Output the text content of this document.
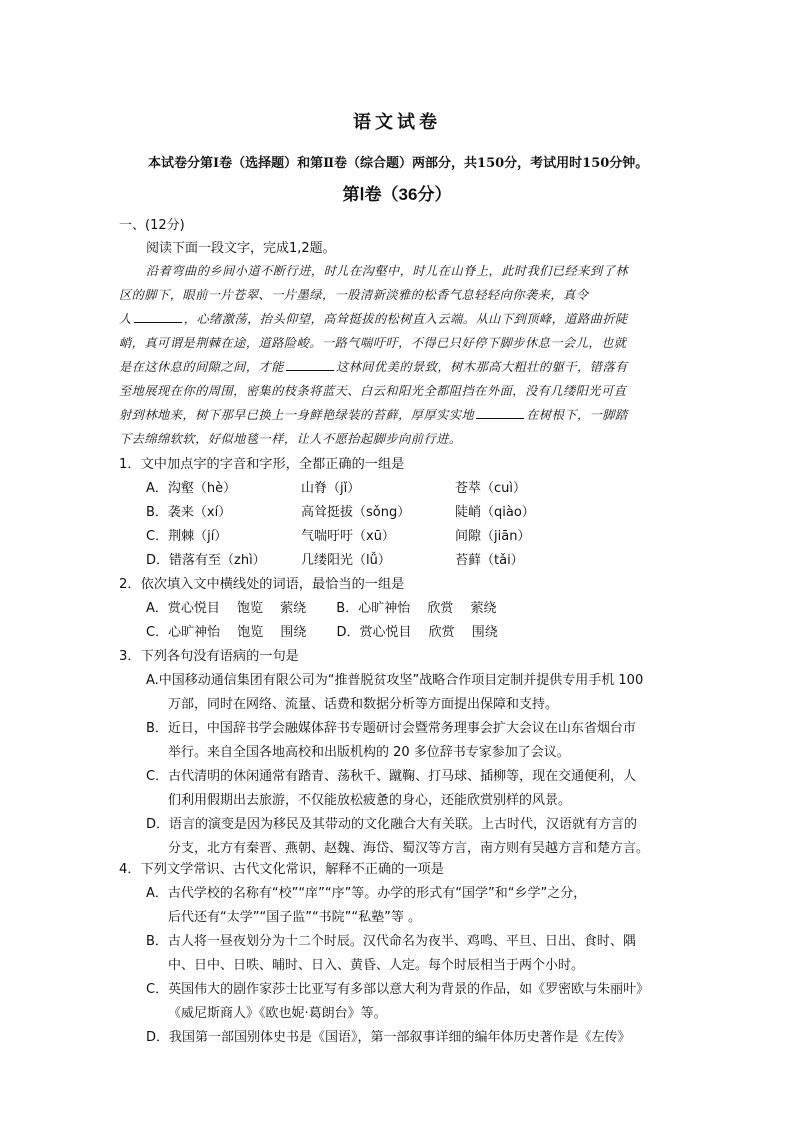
语文试卷
本试卷分第Ⅰ卷（选择题）和第Ⅱ卷（综合题）两部分，共150分，考试用时150分钟。
第Ⅰ卷（36分）
一、(12分)
阅读下面一段文字，完成1,2题。
沿着弯曲的乡间小道不断行进，时儿在沟壑中，时儿在山脊上，此时我们已经来到了林
区的脚下，眼前一片苍翠、一片墨绿，一股清新淡雅的松香气息轻轻向你袭来，真令
人	，心绪激荡，抬头仰望，高耸挺拔的松树直入云端。从山下到顶峰，道路曲折陡
峭，真可谓是荆棘在途，道路险峻。一路气喘吁吁，不得已只好停下脚步休息一会儿，也就
是在这休息的间隙之间，才能	这林间优美的景致，树木那高大粗壮的躯干，错落有
至地展现在你的周围，密集的枝条将蓝天、白云和阳光全都阻挡在外面，没有几缕阳光可直
射到林地来，树下那早已换上一身鲜艳绿装的苔藓，厚厚实实地	在树根下，一脚踏
下去绵绵软软，好似地毯一样，让人不愿抬起脚步向前行进。
1．文中加点字的字音和字形，全都正确的一组是
A．沟壑（hè）	山脊（jǐ）	苍萃（cuì）
B．袭来（xí）	高耸挺拔（sǒng）	陡峭（qiào）
C．荆棘（jí）	气喘吁吁（xū）	间隙（jiān）
D．错落有至（zhì）	几缕阳光（lǚ）	苔藓（tǎi）
2．依次填入文中横线处的词语，最恰当的一组是
A．赏心悦目　 饱览　 萦绕　　 B．心旷神怡　 欣赏　 萦绕
C．心旷神怡　 饱览　 围绕　　 D．赏心悦目　 欣赏　 围绕
3．下列各句没有语病的一句是
A.中国移动通信集团有限公司为“推普脱贫攻坚”战略合作项目定制并提供专用手机 100
万部，同时在网络、流量、话费和数据分析等方面提出保障和支持。
B．近日，中国辞书学会融媒体辞书专题研讨会暨常务理事会扩大会议在山东省烟台市
举行。来自全国各地高校和出版机构的 20 多位辞书专家参加了会议。
C．古代清明的休闲通常有踏青、荡秋千、蹴鞠、打马球、插柳等，现在交通便利，人
们利用假期出去旅游，不仅能放松疲惫的身心，还能欣赏别样的风景。
D．语言的演变是因为移民及其带动的文化融合大有关联。上古时代，汉语就有方言的
分支，北方有秦晋、燕朝、赵魏、海岱、蜀汉等方言，南方则有吴越方言和楚方言。
4．下列文学常识、古代文化常识，解释不正确的一项是
A．古代学校的名称有“校”“庠”“序”等。办学的形式有“国学”和“乡学”之分，
后代还有“太学”“国子监”“书院”“私塾”等 。
B．古人将一昼夜划分为十二个时辰。汉代命名为夜半、鸡鸣、平旦、日出、食时、隅
中、日中、日昳、晡时、日入、黄昏、人定。每个时辰相当于两个小时。
C．英国伟大的剧作家莎士比亚写有多部以意大利为背景的作品，如《罗密欧与朱丽叶》
《威尼斯商人》《欧也妮·葛朗台》等。
D．我国第一部国别体史书是《国语》，第一部叙事详细的编年体历史著作是《左传》
